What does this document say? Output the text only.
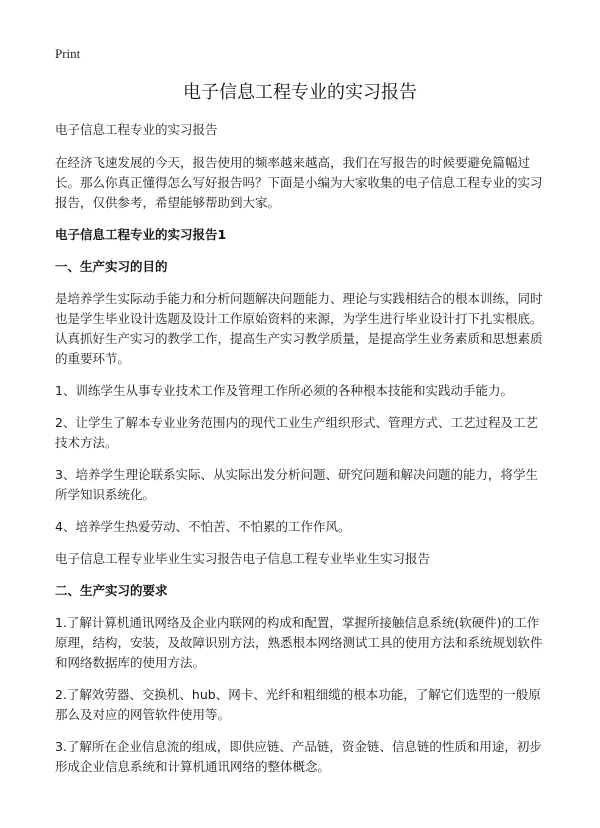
Print
电子信息工程专业的实习报告

电子信息工程专业的实习报告

在经济飞速发展的今天，报告使用的频率越来越高，我们在写报告的时候要避免篇幅过长。那么你真正懂得怎么写好报告吗？下面是小编为大家收集的电子信息工程专业的实习报告，仅供参考，希望能够帮助到大家。

电子信息工程专业的实习报告1

一、生产实习的目的

是培养学生实际动手能力和分析问题解决问题能力、理论与实践相结合的根本训练，同时也是学生毕业设计选题及设计工作原始资料的来源，为学生进行毕业设计打下扎实根底。认真抓好生产实习的教学工作，提高生产实习教学质量，是提高学生业务素质和思想素质的重要环节。

1、训练学生从事专业技术工作及管理工作所必须的各种根本技能和实践动手能力。

2、让学生了解本专业业务范围内的现代工业生产组织形式、管理方式、工艺过程及工艺技术方法。

3、培养学生理论联系实际、从实际出发分析问题、研究问题和解决问题的能力，将学生所学知识系统化。

4、培养学生热爱劳动、不怕苦、不怕累的工作作风。

电子信息工程专业毕业生实习报告电子信息工程专业毕业生实习报告

二、生产实习的要求

1.了解计算机通讯网络及企业内联网的构成和配置，掌握所接触信息系统(软硬件)的工作原理，结构，安装，及故障识别方法，熟悉根本网络测试工具的使用方法和系统规划软件和网络数据库的使用方法。

2.了解效劳器、交换机、hub、网卡、光纤和粗细缆的根本功能，了解它们选型的一般原那么及对应的网管软件使用等。

3.了解所在企业信息流的组成，即供应链、产品链，资金链、信息链的性质和用途，初步形成企业信息系统和计算机通讯网络的整体概念。
